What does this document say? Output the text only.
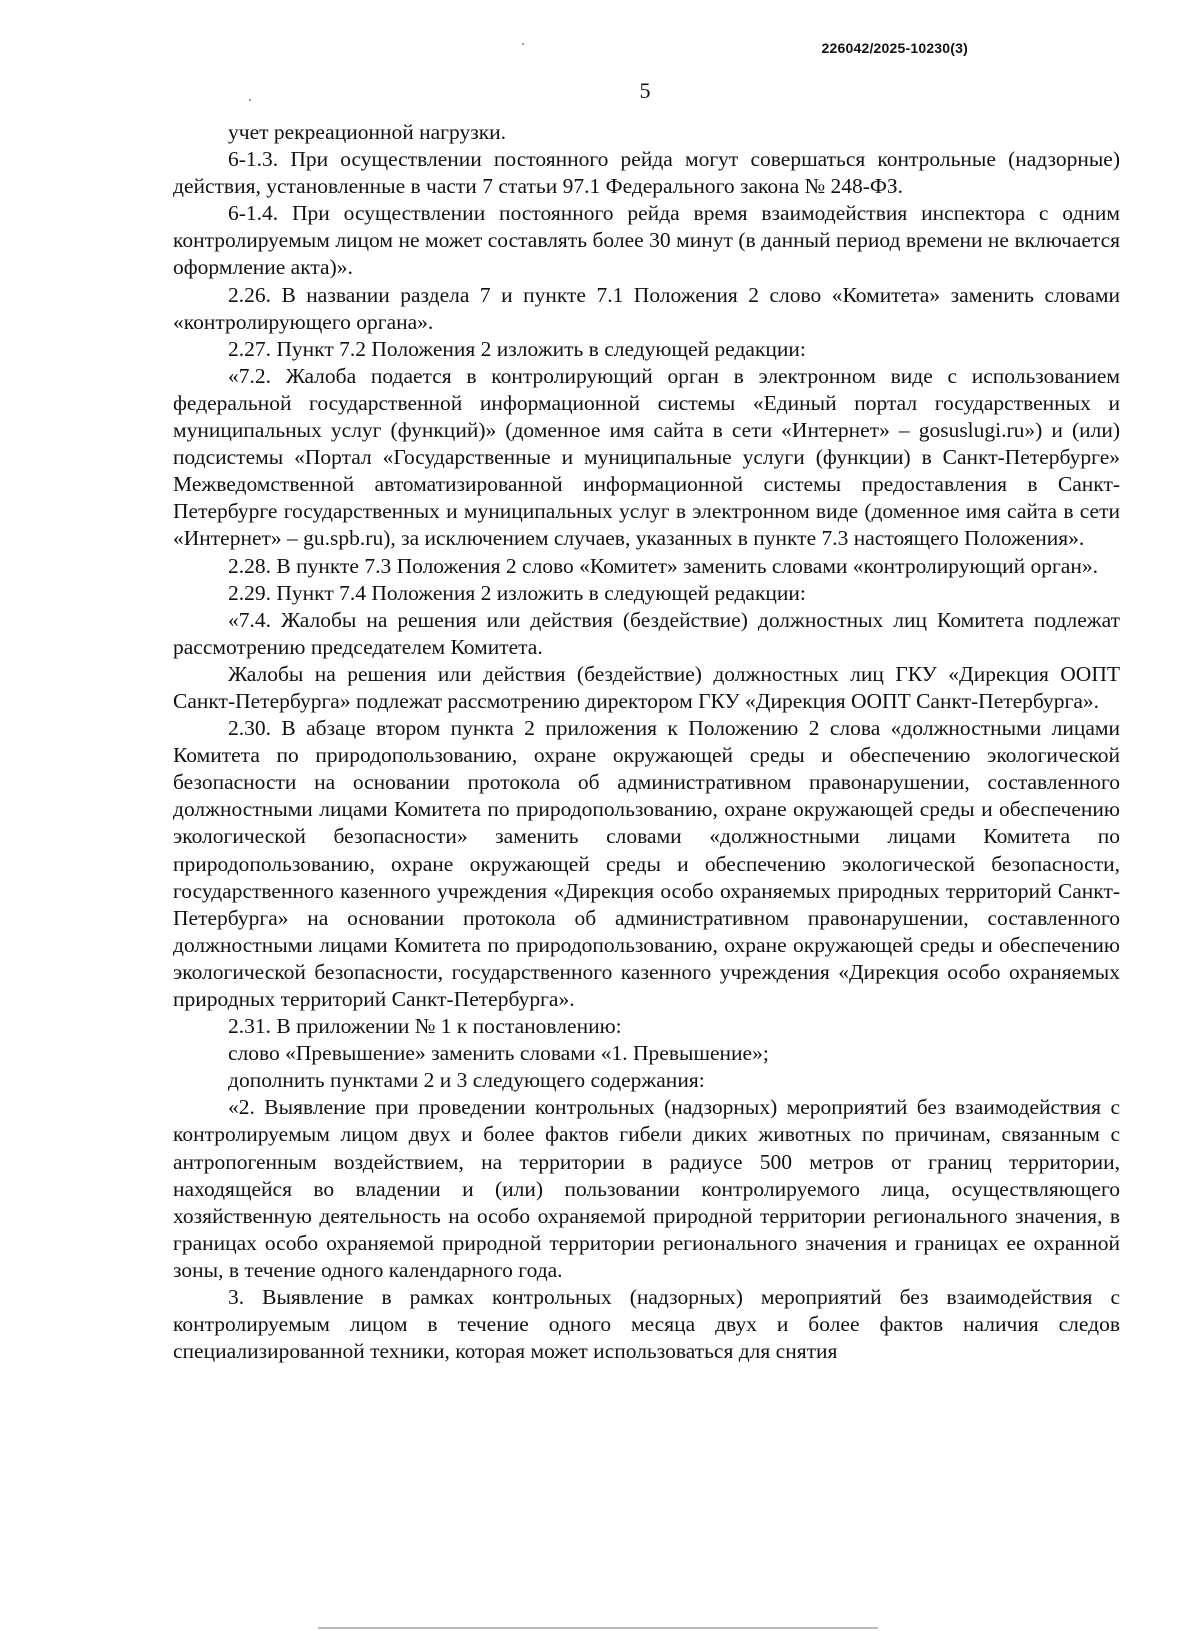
226042/2025-10230(3)
5

учет рекреационной нагрузки.

6-1.3. При осуществлении постоянного рейда могут совершаться контрольные (надзорные) действия, установленные в части 7 статьи 97.1 Федерального закона № 248-ФЗ.

6-1.4. При осуществлении постоянного рейда время взаимодействия инспектора с одним контролируемым лицом не может составлять более 30 минут (в данный период времени не включается оформление акта)».

2.26. В названии раздела 7 и пункте 7.1 Положения 2 слово «Комитета» заменить словами «контролирующего органа».

2.27. Пункт 7.2 Положения 2 изложить в следующей редакции:

«7.2. Жалоба подается в контролирующий орган в электронном виде с использованием федеральной государственной информационной системы «Единый портал государственных и муниципальных услуг (функций)» (доменное имя сайта в сети «Интернет» – gosuslugi.ru») и (или) подсистемы «Портал «Государственные и муниципальные услуги (функции) в Санкт-Петербурге» Межведомственной автоматизированной информационной системы предоставления в Санкт-Петербурге государственных и муниципальных услуг в электронном виде (доменное имя сайта в сети «Интернет» – gu.spb.ru), за исключением случаев, указанных в пункте 7.3 настоящего Положения».

2.28. В пункте 7.3 Положения 2 слово «Комитет» заменить словами «контролирующий орган».

2.29. Пункт 7.4 Положения 2 изложить в следующей редакции:

«7.4. Жалобы на решения или действия (бездействие) должностных лиц Комитета подлежат рассмотрению председателем Комитета.

Жалобы на решения или действия (бездействие) должностных лиц ГКУ «Дирекция ООПТ Санкт-Петербурга» подлежат рассмотрению директором ГКУ «Дирекция ООПТ Санкт-Петербурга».

2.30. В абзаце втором пункта 2 приложения к Положению 2 слова «должностными лицами Комитета по природопользованию, охране окружающей среды и обеспечению экологической безопасности на основании протокола об административном правонарушении, составленного должностными лицами Комитета по природопользованию, охране окружающей среды и обеспечению экологической безопасности» заменить словами «должностными лицами Комитета по природопользованию, охране окружающей среды и обеспечению экологической безопасности, государственного казенного учреждения «Дирекция особо охраняемых природных территорий Санкт-Петербурга» на основании протокола об административном правонарушении, составленного должностными лицами Комитета по природопользованию, охране окружающей среды и обеспечению экологической безопасности, государственного казенного учреждения «Дирекция особо охраняемых природных территорий Санкт-Петербурга».

2.31. В приложении № 1 к постановлению:

слово «Превышение» заменить словами «1. Превышение»;

дополнить пунктами 2 и 3 следующего содержания:

«2. Выявление при проведении контрольных (надзорных) мероприятий без взаимодействия с контролируемым лицом двух и более фактов гибели диких животных по причинам, связанным с антропогенным воздействием, на территории в радиусе 500 метров от границ территории, находящейся во владении и (или) пользовании контролируемого лица, осуществляющего хозяйственную деятельность на особо охраняемой природной территории регионального значения, в границах особо охраняемой природной территории регионального значения и границах ее охранной зоны, в течение одного календарного года.

3. Выявление в рамках контрольных (надзорных) мероприятий без взаимодействия с контролируемым лицом в течение одного месяца двух и более фактов наличия следов специализированной техники, которая может использоваться для снятия
